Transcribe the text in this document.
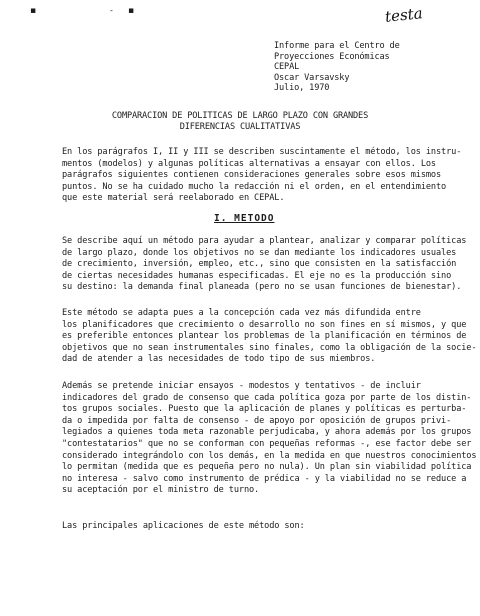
▪	- ▪	testa
Informe para el Centro de
Proyecciones Económicas
CEPAL
Oscar Varsavsky
Julio, 1970
COMPARACION DE POLITICAS DE LARGO PLAZO CON GRANDES
DIFERENCIAS CUALITATIVAS
En los parágrafos I, II y III se describen suscintamente el método, los instru-
mentos (modelos) y algunas políticas alternativas a ensayar con ellos. Los
parágrafos siguientes contienen consideraciones generales sobre esos mismos
puntos. No se ha cuidado mucho la redacción ni el orden, en el entendimiento
que este material será reelaborado en CEPAL.
I. METODO
Se describe aquí un método para ayudar a plantear, analizar y comparar políticas
de largo plazo, donde los objetivos no se dan mediante los indicadores usuales
de crecimiento, inversión, empleo, etc., sino que consisten en la satisfacción
de ciertas necesidades humanas especificadas. El eje no es la producción sino
su destino: la demanda final planeada (pero no se usan funciones de bienestar).
Este método se adapta pues a la concepción cada vez más difundida entre
los planificadores que crecimiento o desarrollo no son fines en sí mismos, y que
es preferible entonces plantear los problemas de la planificación en términos de
objetivos que no sean instrumentales sino finales, como la obligación de la socie-
dad de atender a las necesidades de todo tipo de sus miembros.
Además se pretende iniciar ensayos - modestos y tentativos - de incluir
indicadores del grado de consenso que cada política goza por parte de los distin-
tos grupos sociales. Puesto que la aplicación de planes y políticas es perturba-
da o impedida por falta de consenso - de apoyo por oposición de grupos privi-
legiados a quienes toda meta razonable perjudicaba, y ahora además por los grupos
"contestatarios" que no se conforman con pequeñas reformas -, ese factor debe ser
considerado integrándolo con los demás, en la medida en que nuestros conocimientos
lo permitan (medida que es pequeña pero no nula). Un plan sin viabilidad política
no interesa - salvo como instrumento de prédica - y la viabilidad no se reduce a
su aceptación por el ministro de turno.
Las principales aplicaciones de este método son:
